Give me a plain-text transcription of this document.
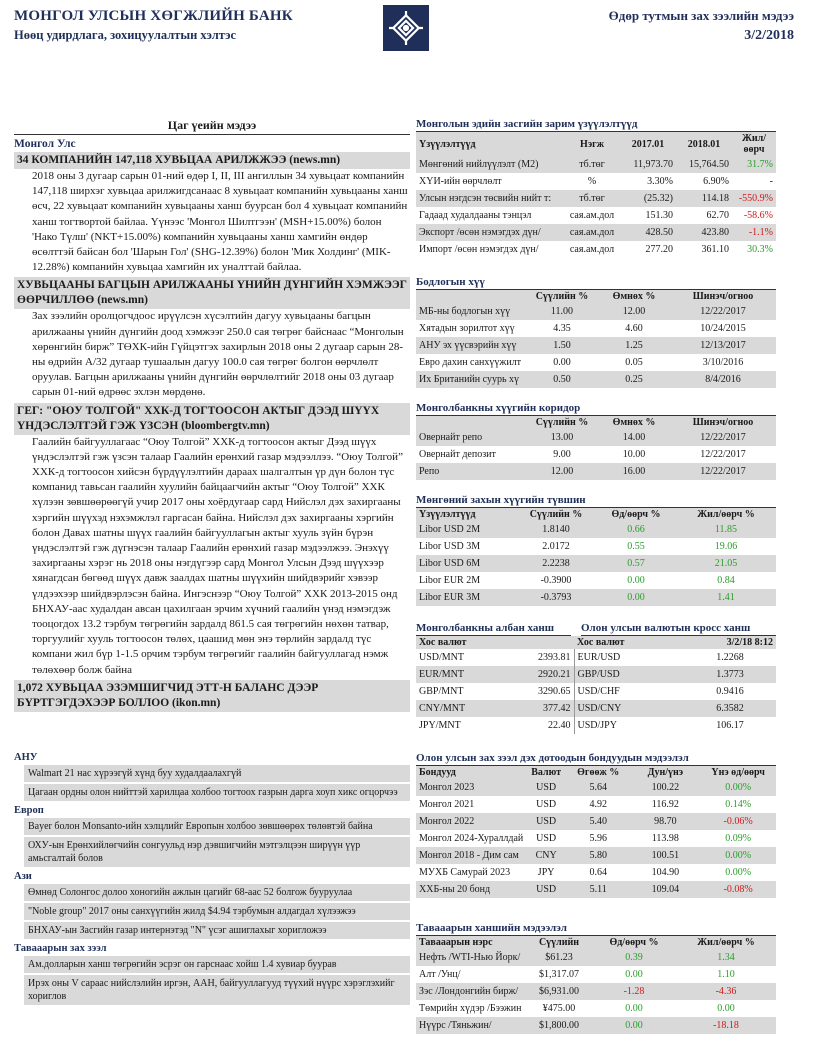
МОНГОЛ УЛСЫН ХӨГЖЛИЙН БАНК
Нөөц удирдлага, зохицуулалтын хэлтэс
Өдөр тутмын зах зээлийн мэдээ
3/2/2018
Цаг үеийн мэдээ
Монгол Улс
34 КОМПАНИЙН 147,118 ХУВЬЦАА АРИЛЖЖЭЭ (news.mn)
2018 оны 3 дугаар сарын 01-ний өдөр I, II, III ангиллын 34 хувьцаат компанийн 147,118 ширхэг хувьцаа арилжигдсанаас 8 хувьцаат компанийн хувьцааны ханш өсч, 22 хувьцаат компанийн хувьцааны ханш буурсан бол 4 хувьцаат компанийн ханш тогтвортой байлаа. Үүнээс 'Монгол Шилтгээн' (MSH+15.00%) болон 'Нако Түлш' (NKT+15.00%) компанийн хувьцааны ханш хамгийн өндөр өсөлттэй байсан бол 'Шарын Гол' (SHG-12.39%) болон 'Мик Холдинг' (MIK-12.28%) компанийн хувьцаа хамгийн их уналттай байлаа.
ХУВЬЦААНЫ БАГЦЫН АРИЛЖААНЫ ҮНИЙН ДҮНГИЙН ХЭМЖЭЭГ ӨӨРЧИЛЛӨӨ (news.mn)
Зах зээлийн оролцогчдоос ирүүлсэн хүсэлтийн дагуу хувьцааны багцын арилжааны үнийн дүнгийн доод хэмжээг 250.0 сая төгрөг байснаас “Монголын хөрөнгийн бирж” ТӨХК-ийн Гүйцэтгэх захирлын 2018 оны 2 дугаар сарын 28-ны өдрийн А/32 дугаар тушаалын дагуу 100.0 сая төгрөг болгон өөрчлөлт оруулав. Багцын арилжааны үнийн дүнгийн өөрчлөлтийг 2018 оны 03 дугаар сарын 01-ний өдрөөс эхлэн мөрдөнө.
ГЕГ: "ОЮУ ТОЛГОЙ" ХХК-Д ТОГТООСОН АКТЫГ ДЭЭД ШҮҮХ ҮНДЭСЛЭЛТЭЙ ГЭЖ ҮЗСЭН (bloombergtv.mn)
Гаалийн байгууллагаас “Оюу Толгой” ХХК-д тогтоосон актыг Дээд шүүх үндэслэлтэй гэж үзсэн талаар Гаалийн ерөнхий газар мэдээллээ. “Оюу Толгой” ХХК-д тогтоосон хийсэн бүрдүүлэлтийн дараах шалгалтын үр дүн болон түс компанид тавьсан гаалийн хуулийн байцаагчийн актыг “Оюу Толгой” ХХК хүлээн зөвшөөрөөгүй учир 2017 оны хоёрдугаар сард Нийслэл дэх захиргааны хэргийн шүүхэд нэхэмжлэл гаргасан байна. Нийслэл дэх захиргааны хэргийн болон Давах шатны шүүх гаалийн байгууллагын актыг хууль зүйн бүрэн үндэслэлтэй гэж дүгнэсэн талаар Гаалийн ерөнхий газар мэдээлжээ. Энэхүү захиргааны хэрэг нь 2018 оны нэгдүгээр сард Монгол Улсын Дээд шүүхээр хянагдсан бөгөөд шүүх давж заалдах шатны шүүхийн шийдвэрийг хэвээр үлдээхээр шийдвэрлэсэн байна. Ингэснээр “Оюу Толгой” ХХК 2013-2015 онд БНХАУ-аас худалдан авсан цахилгаан эрчим хүчний гаалийн үнэд нэмэгдэж тооцогдох 13.2 тэрбум төгрөгийн зардалд 861.5 сая төгрөгийн нөхөн татвар, торгуулийг хууль тогтоосон төлөх, цаашид мөн энэ төрлийн зардалд түс компани жил бүр 1-1.5 орчим тэрбум төгрөгийг гаалийн байгууллагад нэмж төлөхөөр болж байна
1,072 ХУВЬЦАА ЭЗЭМШИГЧИД ЭТТ-Н БАЛАНС ДЭЭР БҮРТГЭГДЭХЭЭР БОЛЛОО (ikon.mn)
АНУ
Walmart 21 нас хүрээгүй хүнд буу худалдаалахгүй
Цагаан ордны олон нийттэй харилцаа холбоо тогтоох газрын дарга хоуп хикс огцорчээ
Европ
Bayer болон Monsanto-ийн хэлцлийг Европын холбоо зөвшөөрөх төлөвтэй байна
ОХУ-ын Ерөнхийлөгчийн сонгуульд нэр дэвшигчийн мэтгэлцээн ширүүн үүр амьсгалтай болов
Ази
Өмнөд Солонгос долоо хоногийн ажлын цагийг 68-аас 52 болгож бууруулаа
"Noble group" 2017 оны санхүүгийн жилд $4.94 тэрбумын алдагдал хүлээжээ
БНХАУ-ын Засгийн газар интернэтэд "N" үсэг ашиглахыг хоригложээ
Тавааарын зах зээл
Ам.долларын ханш төгрөгийн эсрэг он гарснаас хойш 1.4 хувиар буурав
Ирэх оны V сараас нийслэлийн иргэн, ААН, байгууллагууд түүхий нүүрс хэрэглэхийг хориглов
Монголын эдийн засгийн зарим үзүүлэлтүүд
Үзүүлэлтүүд	Нэгж	2017.01	2018.01	Жил/өөрч
Мөнгөний нийлүүлэлт (М2)	тб.төг	11,973.70	15,764.50	31.7%
ХҮИ-ийн өөрчлөлт	%	3.30%	6.90%	-
Улсын нэгдсэн төсвийн нийт т:	тб.төг	(25.32)	114.18	-550.9%
Гадаад худалдааны тэнцэл	сая.ам.дол	151.30	62.70	-58.6%
Экспорт /өсөн нэмэгдэх дүн/	сая.ам.дол	428.50	423.80	-1.1%
Импорт /өсөн нэмэгдэх дүн/	сая.ам.дол	277.20	361.10	30.3%
Бодлогын хүү
	Сүүлийн %	Өмнөх %	Шинэч/огноо
МБ-ны бодлогын хүү	11.00	12.00	12/22/2017
Хятадын зорилтот хүү	4.35	4.60	10/24/2015
АНУ эх үүсвэрийн хүү	1.50	1.25	12/13/2017
Евро дахин санхүүжилт	0.00	0.05	3/10/2016
Их Британийн суурь хү	0.50	0.25	8/4/2016
Монголбанкны хүүгийн коридор
	Сүүлийн %	Өмнөх %	Шинэч/огноо
Овернайт репо	13.00	14.00	12/22/2017
Овернайт депозит	9.00	10.00	12/22/2017
Репо	12.00	16.00	12/22/2017
Мөнгөний захын хүүгийн түвшин
Үзүүлэлтүүд	Сүүлийн %	Өд/өөрч %	Жил/өөрч %
Libor USD 2M	1.8140	0.66	11.85
Libor USD 3M	2.0172	0.55	19.06
Libor USD 6M	2.2238	0.57	21.05
Libor EUR 2M	-0.3900	0.00	0.84
Libor EUR 3M	-0.3793	0.00	1.41
Монголбанкны албан ханш	Олон улсын валютын кросс ханш
Хос валют		Хос валют	3/2/18 8:12
USD/MNT	2393.81	EUR/USD	1.2268
EUR/MNT	2920.21	GBP/USD	1.3773
GBP/MNT	3290.65	USD/CHF	0.9416
CNY/MNT	377.42	USD/CNY	6.3582
JPY/MNT	22.40	USD/JPY	106.17
Олон улсын зах зээл дэх дотоодын бондуудын мэдээлэл
Бондууд	Валют	Өгөөж %	Дун/үнэ	Үнэ өд/өөрч
Монгол 2023	USD	5.64	100.22	0.00%
Монгол 2021	USD	4.92	116.92	0.14%
Монгол 2022	USD	5.40	98.70	-0.06%
Монгол 2024-Хураллдай	USD	5.96	113.98	0.09%
Монгол 2018 - Дим сам	CNY	5.80	100.51	0.00%
МУХБ Самурай 2023	JPY	0.64	104.90	0.00%
ХХБ-ны 20 бонд	USD	5.11	109.04	-0.08%
Тавааарын ханшийн мэдээлэл
Тавааарын нэрс	Сүүлийн	Өд/өөрч %	Жил/өөрч %
Нефть /WTI-Нью Йорк/	$61.23	0.39	1.34
Алт /Унц/	$1,317.07	0.00	1.10
Зэс /Лондонгийн бирж/	$6,931.00	-1.28	-4.36
Төмрийн хүдэр /Бээжин	¥475.00	0.00	0.00
Нүүрс /Тяньжин/	$1,800.00	0.00	-18.18
